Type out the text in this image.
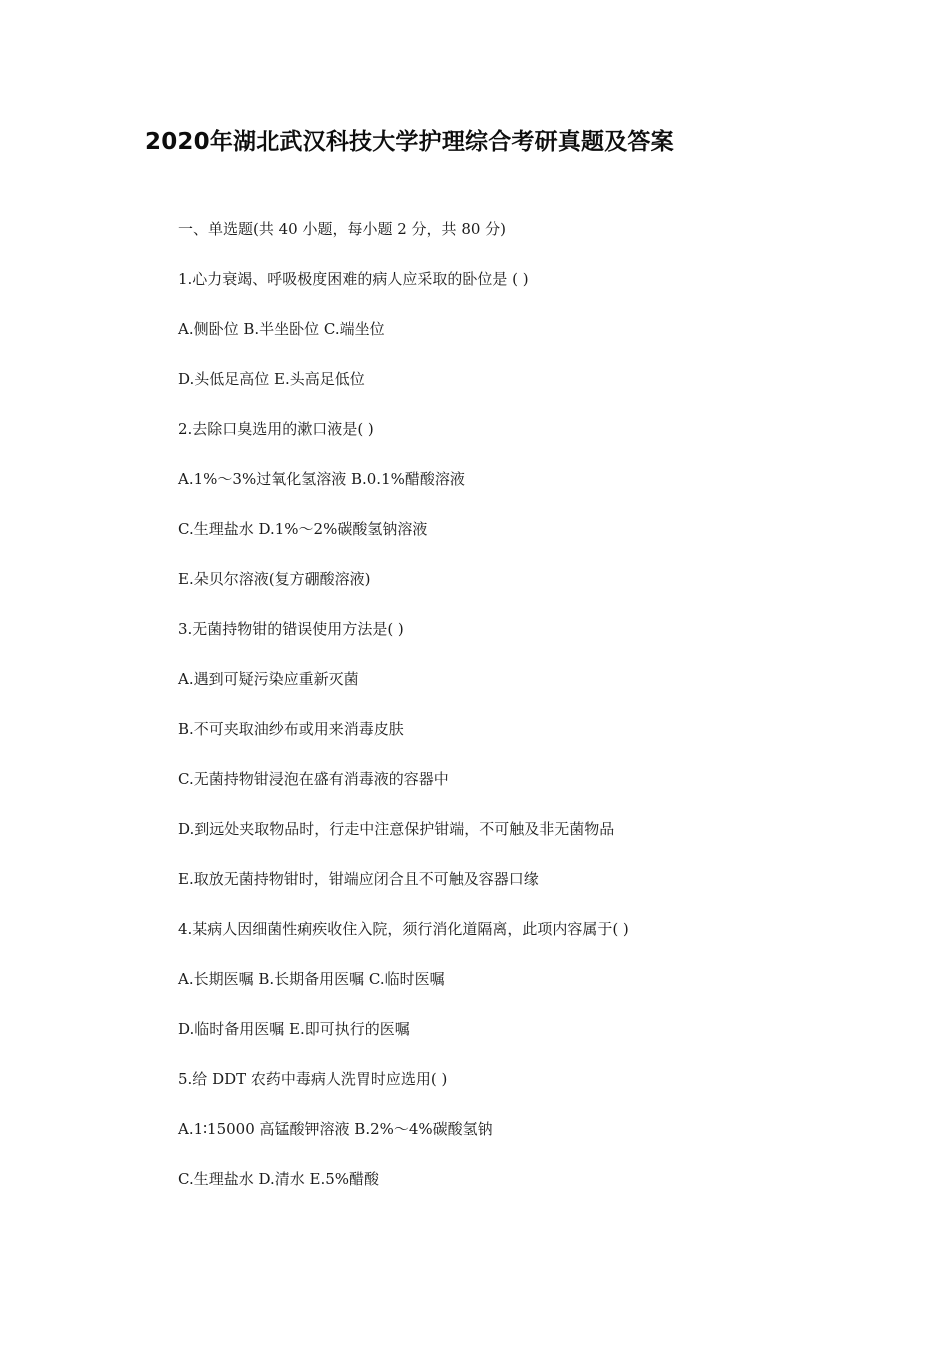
2020年湖北武汉科技大学护理综合考研真题及答案
一、单选题(共 40 小题，每小题 2 分，共 80 分)
1.心力衰竭、呼吸极度困难的病人应采取的卧位是 ( )
A.侧卧位 B.半坐卧位 C.端坐位
D.头低足高位 E.头高足低位
2.去除口臭选用的漱口液是( )
A.1%～3%过氧化氢溶液 B.0.1%醋酸溶液
C.生理盐水 D.1%～2%碳酸氢钠溶液
E.朵贝尔溶液(复方硼酸溶液)
3.无菌持物钳的错误使用方法是( )
A.遇到可疑污染应重新灭菌
B.不可夹取油纱布或用来消毒皮肤
C.无菌持物钳浸泡在盛有消毒液的容器中
D.到远处夹取物品时，行走中注意保护钳端，不可触及非无菌物品
E.取放无菌持物钳时，钳端应闭合且不可触及容器口缘
4.某病人因细菌性痢疾收住入院，须行消化道隔离，此项内容属于( )
A.长期医嘱 B.长期备用医嘱 C.临时医嘱
D.临时备用医嘱 E.即可执行的医嘱
5.给 DDT 农药中毒病人洗胃时应选用( )
A.1∶15000 高锰酸钾溶液 B.2%～4%碳酸氢钠
C.生理盐水 D.清水 E.5%醋酸
